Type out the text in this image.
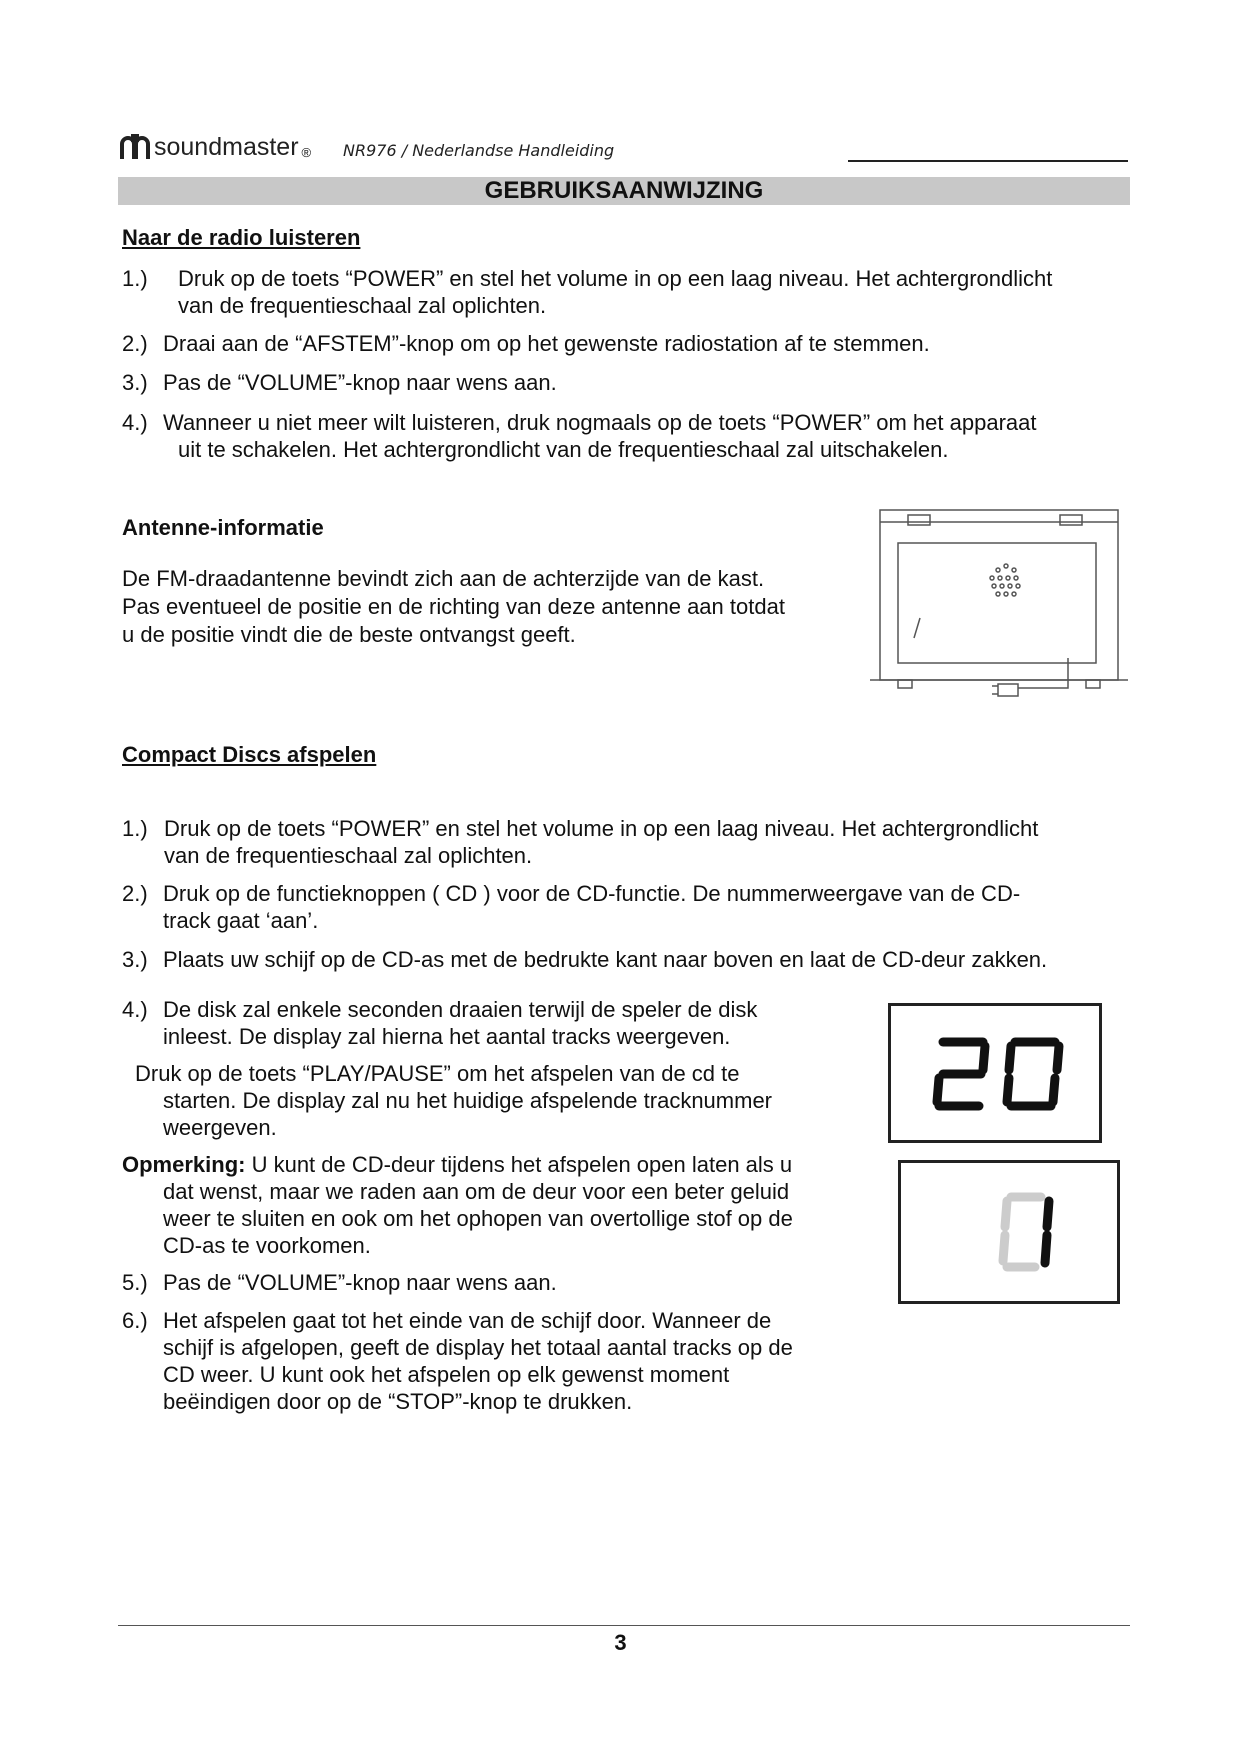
soundmaster ® NR976 / Nederlandse Handleiding
GEBRUIKSAANWIJZING
Naar de radio luisteren
1.) Druk op de toets “POWER” en stel het volume in op een laag niveau. Het achtergrondlicht
van de frequentieschaal zal oplichten.
2.) Draai aan de “AFSTEM”-knop om op het gewenste radiostation af te stemmen.
3.) Pas de “VOLUME”-knop naar wens aan.
4.) Wanneer u niet meer wilt luisteren, druk nogmaals op de toets “POWER” om het apparaat
uit te schakelen. Het achtergrondlicht van de frequentieschaal zal uitschakelen.
Antenne-informatie
De FM-draadantenne bevindt zich aan de achterzijde van de kast.
Pas eventueel de positie en de richting van deze antenne aan totdat
u de positie vindt die de beste ontvangst geeft.
Compact Discs afspelen
1.) Druk op de toets “POWER” en stel het volume in op een laag niveau. Het achtergrondlicht
van de frequentieschaal zal oplichten.
2.) Druk op de functieknoppen ( CD ) voor de CD-functie. De nummerweergave van de CD-
track gaat ‘aan’.
3.) Plaats uw schijf op de CD-as met de bedrukte kant naar boven en laat de CD-deur zakken.
4.) De disk zal enkele seconden draaien terwijl de speler de disk
inleest. De display zal hierna het aantal tracks weergeven.
Druk op de toets “PLAY/PAUSE” om het afspelen van de cd te
starten. De display zal nu het huidige afspelende tracknummer
weergeven.
Opmerking: U kunt de CD-deur tijdens het afspelen open laten als u
dat wenst, maar we raden aan om de deur voor een beter geluid
weer te sluiten en ook om het ophopen van overtollige stof op de
CD-as te voorkomen.
5.) Pas de “VOLUME”-knop naar wens aan.
6.) Het afspelen gaat tot het einde van de schijf door. Wanneer de
schijf is afgelopen, geeft de display het totaal aantal tracks op de
CD weer. U kunt ook het afspelen op elk gewenst moment
beëindigen door op de “STOP”-knop te drukken.
3
